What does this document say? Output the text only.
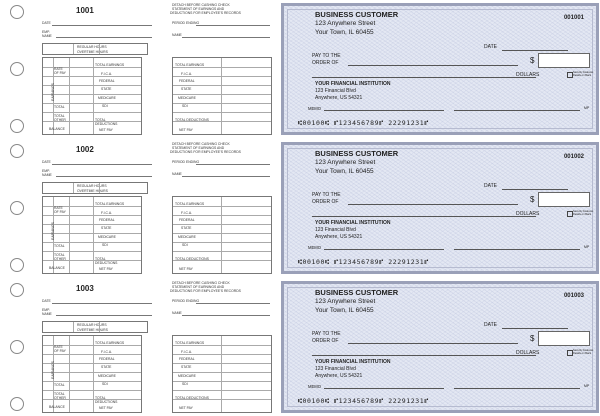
1001
DATE
EMP. NAME
DETACH BEFORE CASHING CHECK
STATEMENT OF EARNINGS AND
DEDUCTIONS FOR EMPLOYEE'S RECORDS
PERIOD ENDING
NAME
REGULAR HOURS
OVERTIME HOURS
RATE OF PAY
EARNINGS
TOTAL
TOTAL OTHER
BALANCE
TOTAL EARNINGS
F.I.C.A.
FEDERAL
STATE
MEDICARE
SDI
TOTAL DEDUCTIONS
NET PAY
TOTAL EARNINGS
F.I.C.A.
FEDERAL
STATE
MEDICARE
SDI
TOTAL DEDUCTIONS
NET PAY
BUSINESS CUSTOMER
123 Anywhere Street
Your Town, IL 60455
001001
DATE
PAY TO THE
ORDER OF	$
DOLLARS	Security Features Details on Back
YOUR FINANCIAL INSTITUTION
123 Financial Blvd
Anywhere, US 54321
MEMO	MP
⑆00100⑆ ⑈123456789⑈ 22291231⑈
1002
DATE
EMP. NAME
DETACH BEFORE CASHING CHECK
STATEMENT OF EARNINGS AND
DEDUCTIONS FOR EMPLOYEE'S RECORDS
PERIOD ENDING
NAME
REGULAR HOURS
OVERTIME HOURS
RATE OF PAY
EARNINGS
TOTAL
TOTAL OTHER
BALANCE
TOTAL EARNINGS
F.I.C.A.
FEDERAL
STATE
MEDICARE
SDI
TOTAL DEDUCTIONS
NET PAY
TOTAL EARNINGS
F.I.C.A.
FEDERAL
STATE
MEDICARE
SDI
TOTAL DEDUCTIONS
NET PAY
BUSINESS CUSTOMER
123 Anywhere Street
Your Town, IL 60455
001002
DATE
PAY TO THE
ORDER OF	$
DOLLARS	Security Features Details on Back
YOUR FINANCIAL INSTITUTION
123 Financial Blvd
Anywhere, US 54321
MEMO	MP
⑆00100⑆ ⑈123456789⑈ 22291231⑈
1003
DATE
EMP. NAME
DETACH BEFORE CASHING CHECK
STATEMENT OF EARNINGS AND
DEDUCTIONS FOR EMPLOYEE'S RECORDS
PERIOD ENDING
NAME
REGULAR HOURS
OVERTIME HOURS
RATE OF PAY
EARNINGS
TOTAL
TOTAL OTHER
BALANCE
TOTAL EARNINGS
F.I.C.A.
FEDERAL
STATE
MEDICARE
SDI
TOTAL DEDUCTIONS
NET PAY
TOTAL EARNINGS
F.I.C.A.
FEDERAL
STATE
MEDICARE
SDI
TOTAL DEDUCTIONS
NET PAY
BUSINESS CUSTOMER
123 Anywhere Street
Your Town, IL 60455
001003
DATE
PAY TO THE
ORDER OF	$
DOLLARS	Security Features Details on Back
YOUR FINANCIAL INSTITUTION
123 Financial Blvd
Anywhere, US 54321
MEMO	MP
⑆00100⑆ ⑈123456789⑈ 22291231⑈
